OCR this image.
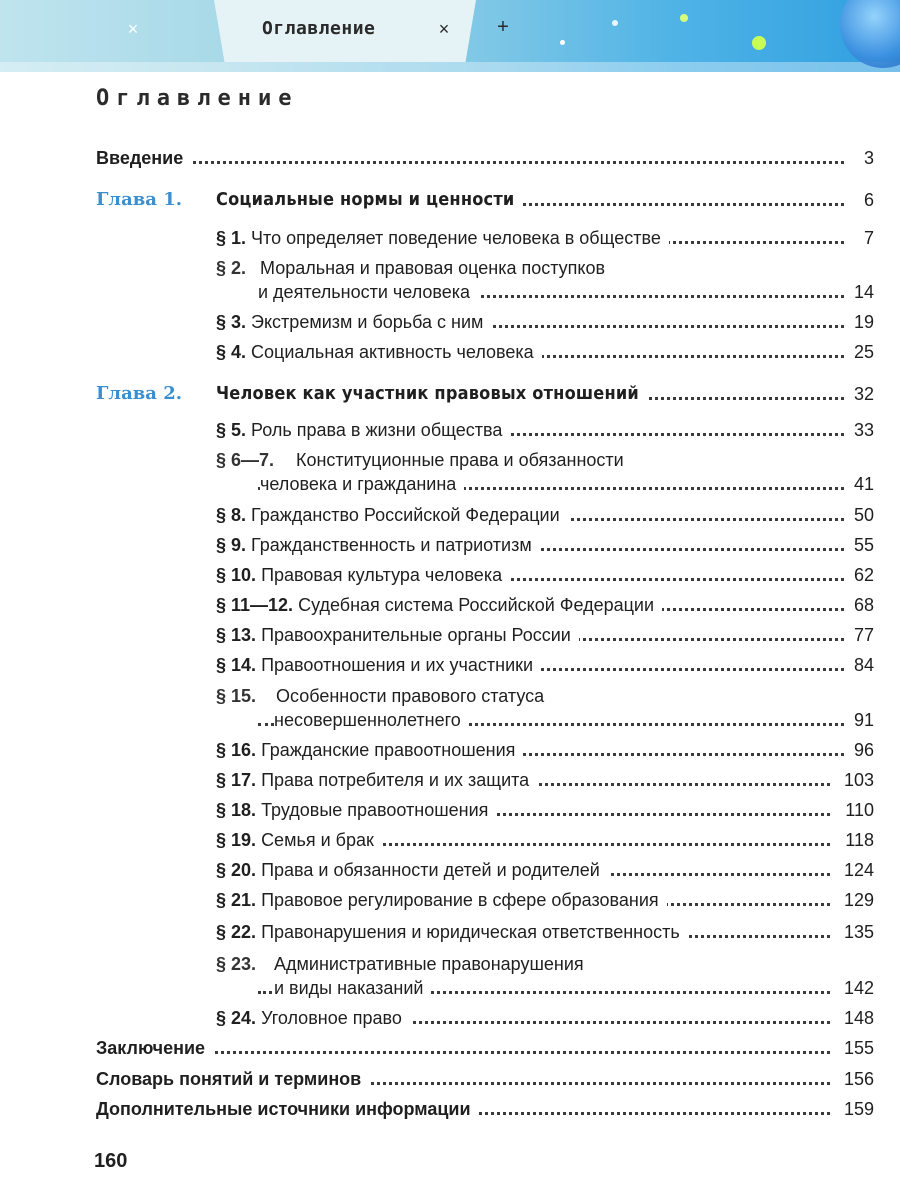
×	Оглавление	× +
Оглавление
Введение	3
Глава 1. Социальные нормы и ценности	6
§ 1. Что определяет поведение человека в обществе	7
§ 2. Моральная и правовая оценка поступков
и деятельности человека	14
§ 3. Экстремизм и борьба с ним	19
§ 4. Социальная активность человека	25
Глава 2. Человек как участник правовых отношений	32
§ 5. Роль права в жизни общества	33
§ 6—7. Конституционные права и обязанности
человека и гражданина	41
§ 8. Гражданство Российской Федерации	50
§ 9. Гражданственность и патриотизм	55
§ 10. Правовая культура человека	62
§ 11—12. Судебная система Российской Федерации	68
§ 13. Правоохранительные органы России	77
§ 14. Правоотношения и их участники	84
§ 15. Особенности правового статуса
несовершеннолетнего	91
§ 16. Гражданские правоотношения	96
§ 17. Права потребителя и их защита	103
§ 18. Трудовые правоотношения	110
§ 19. Семья и брак	118
§ 20. Права и обязанности детей и родителей	124
§ 21. Правовое регулирование в сфере образования	129
§ 22. Правонарушения и юридическая ответственность	135
§ 23. Административные правонарушения
и виды наказаний	142
§ 24. Уголовное право	148
Заключение	155
Словарь понятий и терминов	156
Дополнительные источники информации	159
160
